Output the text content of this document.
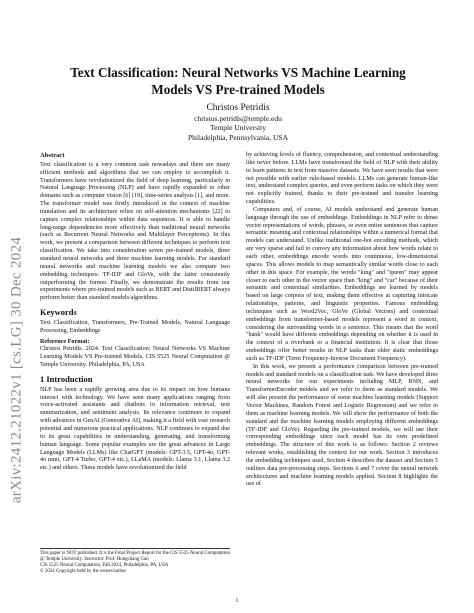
arXiv:2412.21022v1 [cs.LG] 30 Dec 2024
Text Classification: Neural Networks VS Machine Learning
Models VS Pre-trained Models
Christos Petridis
christos.petridis@temple.edu
Temple University
Philadelphia, Pennsylvania, USA
Abstract

Text classification is a very common task nowadays and there are many efficient methods and algorithms that we can employ to accomplish it. Transformers have revolutionized the field of deep learning, particularly in Natural Language Processing (NLP) and have rapidly expanded to other domains such as computer vision [6] [19], time-series analysis [1], and more. The transformer model was firstly introduced in the context of machine translation and its architecture relies on self-attention mechanisms [22] to capture complex relationships within data sequences. It is able to handle long-range dependencies more effectively than traditional neural networks (such as Recurrent Neural Networks and Multilayer Perceptrons). In this work, we present a comparison between different techniques to perform text classification. We take into consideration seven pre-trained models, three standard neural networks and three machine learning models. For standard neural networks and machine learning models we also compare two embedding techniques: TF-IDF and GloVe, with the latter consistently outperforming the former. Finally, we demonstrate the results from our experiments where pre-trained models such as BERT and DistilBERT always perform better than standard models/algorithms.

Keywords

Text Classification, Transformers, Pre-Trained Models, Natural Language Processing, Embeddings

Reference Format:

Christos Petridis. 2024. Text Classification: Neural Networks VS Machine Learning Models VS Pre-trained Models. CIS 5525 Neural Computation @ Temple University. Philadelphia, PA, USA

1 Introduction

NLP has been a rapidly growing area due to its impact on how humans interact with technology. We have seen many applications ranging from voice-activated assistants and chatbots to information retrieval, text summarization, and sentiment analysis. Its relevance continues to expand with advances in GenAI (Generative AI), making it a field with vast research potential and numerous practical applications. NLP continues to expand due to its great capabilities in understanding, generating, and transforming human language. Some popular examples are the great advances in Large Language Models (LLMs) like ChatGPT (models: GPT-3.5, GPT-4o, GPT-4o mini, GPT-4 Turbo, GPT-4 etc.), LLaMA (models: Llama 3.1, Llama 3.2 etc.) and others. These models have revolutionized the field

This paper is NOT published. It is the Final Project Report for the CIS 5525 Neural Computation @ Temple University. Instructor: Prof. Hongchang Gao
CIS 5525 Neural Computation, Fall 2024, Philadelphia, PA, USA
© 2024 Copyright held by the owner/author

by achieving levels of fluency, comprehension, and contextual understanding like never before. LLMs have transformed the field of NLP with their ability to learn patterns in text from massive datasets. We have seen results that were not possible with earlier rule-based models. LLMs can generate human-like text, understand complex queries, and even perform tasks on which they were not explicitly trained, thanks to their pre-trained and transfer learning capabilities.

Computers and, of course, AI models understand and generate human language through the use of embeddings. Embeddings in NLP refer to dense vector representations of words, phrases, or even entire sentences that capture semantic meaning and contextual relationships within a numerical format that models can understand. Unlike traditional one-hot encoding methods, which are very sparse and fail to convey any information about how words relate to each other, embeddings encode words into continuous, low-dimensional spaces. This allows models to map semantically similar words close to each other in this space. For example, the words "king" and "queen" may appear closer to each other in the vector space than "king" and "car" because of their semantic and contextual similarities. Embeddings are learned by models based on large corpora of text, making them effective at capturing intricate relationships, patterns, and linguistic properties. Famous embedding techniques such as Word2Vec, GloVe (Global Vectors) and contextual embeddings from transformer-based models represent a word in context, considering the surrounding words in a sentence. This means that the word "bank" would have different embeddings depending on whether it is used in the context of a riverbank or a financial institution. It is clear that those embeddings offer better results in NLP tasks than older static embeddings such as TF-IDF (Term Frequency-Inverse Document Frequency).

In this work, we present a performance comparison between pre-trained models and standard models on a classification task. We have developed three neural networks for our experiments including MLP, RNN, and TransformerEncoder models and we refer to them as standard models. We will also present the performance of some machine learning models (Support Vector Machines, Random Forest and Logistic Regression) and we refer to them as machine learning models. We will show the performance of both the standard and the machine learning models employing different embeddings (TF-IDF and GloVe). Regarding the pre-trained models, we will use their corresponding embeddings since each model has its own predefined embeddings. The structure of this work is as follows: Section 2 reviews relevant works, establishing the context for our work. Section 3 introduces the embedding techniques used, Section 4 describes the dataset and Section 5 outlines data pre-processing steps. Sections 6 and 7 cover the neural network architectures and machine learning models applied. Section 8 highlights the use of

1
